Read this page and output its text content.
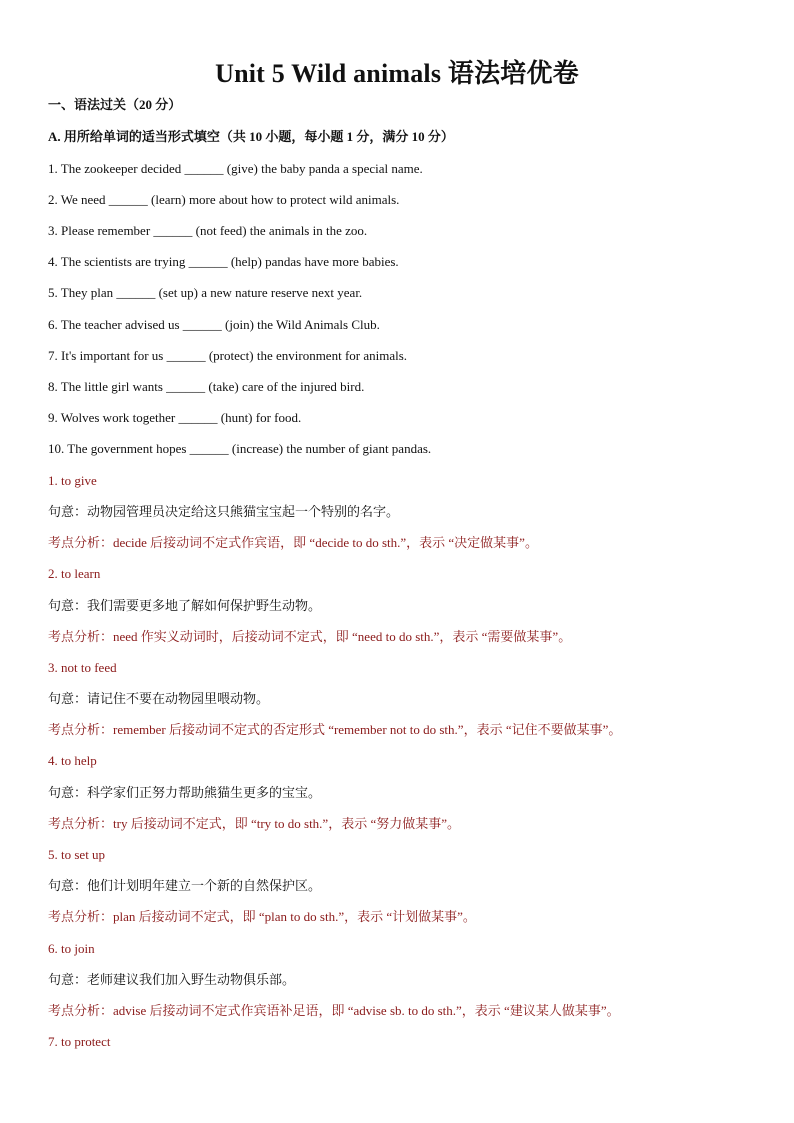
Unit 5 Wild animals 语法培优卷
一、语法过关（20 分）
A. 用所给单词的适当形式填空（共 10 小题，每小题 1 分，满分 10 分）
1. The zookeeper decided ______ (give) the baby panda a special name.
2. We need ______ (learn) more about how to protect wild animals.
3. Please remember ______ (not feed) the animals in the zoo.
4. The scientists are trying ______ (help) pandas have more babies.
5. They plan ______ (set up) a new nature reserve next year.
6. The teacher advised us ______ (join) the Wild Animals Club.
7. It's important for us ______ (protect) the environment for animals.
8. The little girl wants ______ (take) care of the injured bird.
9. Wolves work together ______ (hunt) for food.
10. The government hopes ______ (increase) the number of giant pandas.
1. to give
句意：动物园管理员决定给这只熊猫宝宝起一个特别的名字。
考点分析：decide 后接动词不定式作宾语，即 “decide to do sth.”，表示 “决定做某事”。
2. to learn
句意：我们需要更多地了解如何保护野生动物。
考点分析：need 作实义动词时，后接动词不定式，即 “need to do sth.”，表示 “需要做某事”。
3. not to feed
句意：请记住不要在动物园里喂动物。
考点分析：remember 后接动词不定式的否定形式 “remember not to do sth.”，表示 “记住不要做某事”。
4. to help
句意：科学家们正努力帮助熊猫生更多的宝宝。
考点分析：try 后接动词不定式，即 “try to do sth.”，表示 “努力做某事”。
5. to set up
句意：他们计划明年建立一个新的自然保护区。
考点分析：plan 后接动词不定式，即 “plan to do sth.”，表示 “计划做某事”。
6. to join
句意：老师建议我们加入野生动物俱乐部。
考点分析：advise 后接动词不定式作宾语补足语，即 “advise sb. to do sth.”，表示 “建议某人做某事”。
7. to protect
